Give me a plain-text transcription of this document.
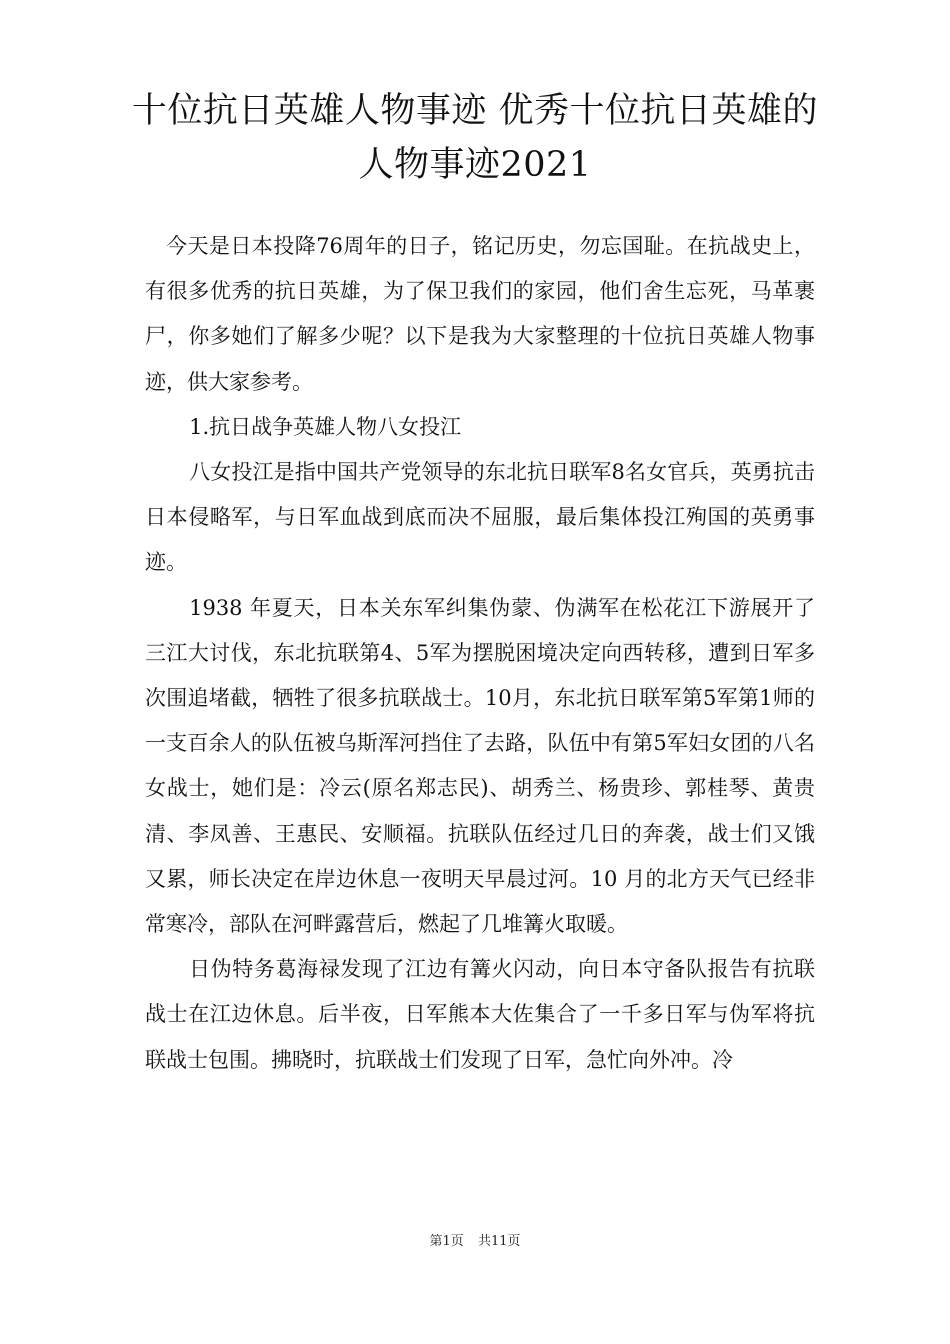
十位抗日英雄人物事迹 优秀十位抗日英雄的人物事迹2021

今天是日本投降76周年的日子，铭记历史，勿忘国耻。在抗战史上，有很多优秀的抗日英雄，为了保卫我们的家园，他们舍生忘死，马革裹尸，你多她们了解多少呢？以下是我为大家整理的十位抗日英雄人物事迹，供大家参考。

1.抗日战争英雄人物八女投江

八女投江是指中国共产党领导的东北抗日联军8名女官兵，英勇抗击日本侵略军，与日军血战到底而决不屈服，最后集体投江殉国的英勇事迹。

1938 年夏天，日本关东军纠集伪蒙、伪满军在松花江下游展开了三江大讨伐，东北抗联第4、5军为摆脱困境决定向西转移，遭到日军多次围追堵截，牺牲了很多抗联战士。10月，东北抗日联军第5军第1师的一支百余人的队伍被乌斯浑河挡住了去路，队伍中有第5军妇女团的八名女战士，她们是：冷云(原名郑志民)、胡秀兰、杨贵珍、郭桂琴、黄贵清、李凤善、王惠民、安顺福。抗联队伍经过几日的奔袭，战士们又饿又累，师长决定在岸边休息一夜明天早晨过河。10 月的北方天气已经非常寒冷，部队在河畔露营后，燃起了几堆篝火取暖。

日伪特务葛海禄发现了江边有篝火闪动，向日本守备队报告有抗联战士在江边休息。后半夜，日军熊本大佐集合了一千多日军与伪军将抗联战士包围。拂晓时，抗联战士们发现了日军，急忙向外冲。冷

第1页 共11页
